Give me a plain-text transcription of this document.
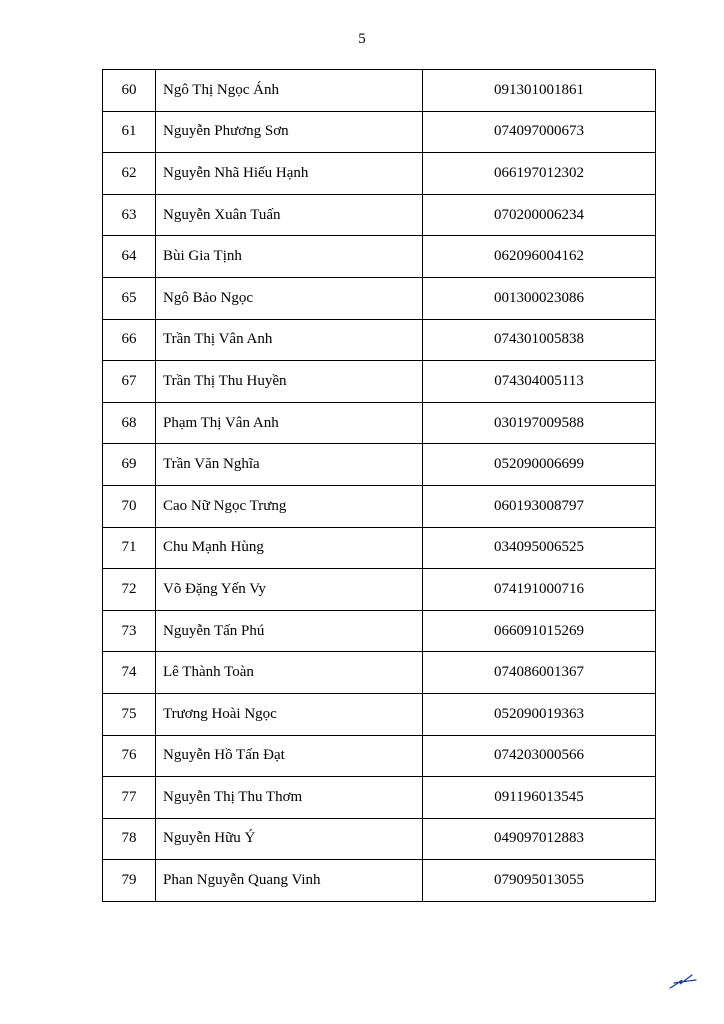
5
60	Ngô Thị Ngọc Ánh	091301001861
61	Nguyễn Phương Sơn	074097000673
62	Nguyễn Nhã Hiếu Hạnh	066197012302
63	Nguyễn Xuân Tuấn	070200006234
64	Bùi Gia Tịnh	062096004162
65	Ngô Bảo Ngọc	001300023086
66	Trần Thị Vân Anh	074301005838
67	Trần Thị Thu Huyền	074304005113
68	Phạm Thị Vân Anh	030197009588
69	Trần Văn Nghĩa	052090006699
70	Cao Nữ Ngọc Trưng	060193008797
71	Chu Mạnh Hùng	034095006525
72	Võ Đặng Yến Vy	074191000716
73	Nguyễn Tấn Phú	066091015269
74	Lê Thành Toàn	074086001367
75	Trương Hoài Ngọc	052090019363
76	Nguyễn Hồ Tấn Đạt	074203000566
77	Nguyễn Thị Thu Thơm	091196013545
78	Nguyễn Hữu Ý	049097012883
79	Phan Nguyễn Quang Vinh	079095013055
